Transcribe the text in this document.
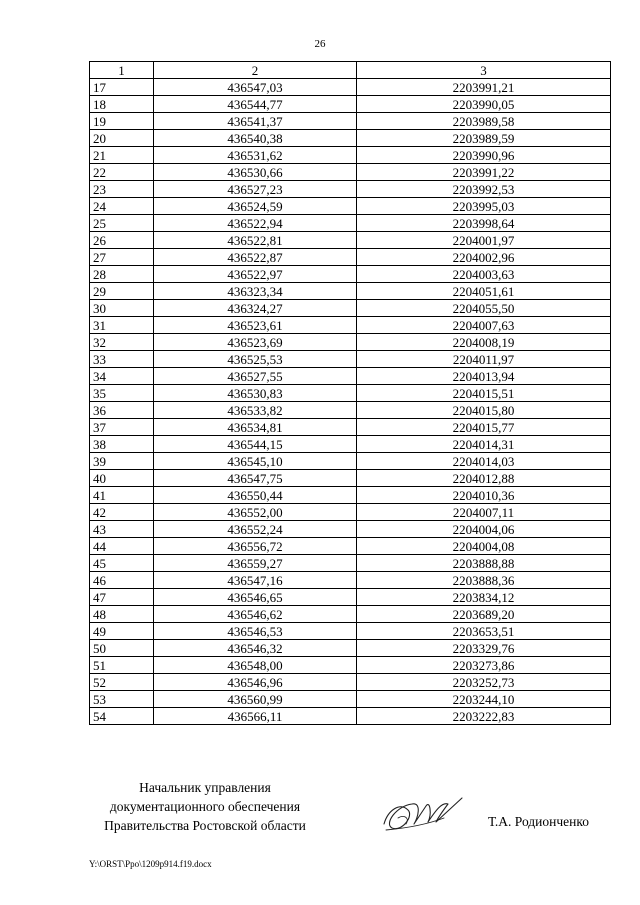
26
1	2	3
17	436547,03	2203991,21
18	436544,77	2203990,05
19	436541,37	2203989,58
20	436540,38	2203989,59
21	436531,62	2203990,96
22	436530,66	2203991,22
23	436527,23	2203992,53
24	436524,59	2203995,03
25	436522,94	2203998,64
26	436522,81	2204001,97
27	436522,87	2204002,96
28	436522,97	2204003,63
29	436323,34	2204051,61
30	436324,27	2204055,50
31	436523,61	2204007,63
32	436523,69	2204008,19
33	436525,53	2204011,97
34	436527,55	2204013,94
35	436530,83	2204015,51
36	436533,82	2204015,80
37	436534,81	2204015,77
38	436544,15	2204014,31
39	436545,10	2204014,03
40	436547,75	2204012,88
41	436550,44	2204010,36
42	436552,00	2204007,11
43	436552,24	2204004,06
44	436556,72	2204004,08
45	436559,27	2203888,88
46	436547,16	2203888,36
47	436546,65	2203834,12
48	436546,62	2203689,20
49	436546,53	2203653,51
50	436546,32	2203329,76
51	436548,00	2203273,86
52	436546,96	2203252,73
53	436560,99	2203244,10
54	436566,11	2203222,83
Начальник управления
документационного обеспечения
Правительства Ростовской области	Т.А. Родионченко
Y:\ORST\Ppo\1209p914.f19.docx
